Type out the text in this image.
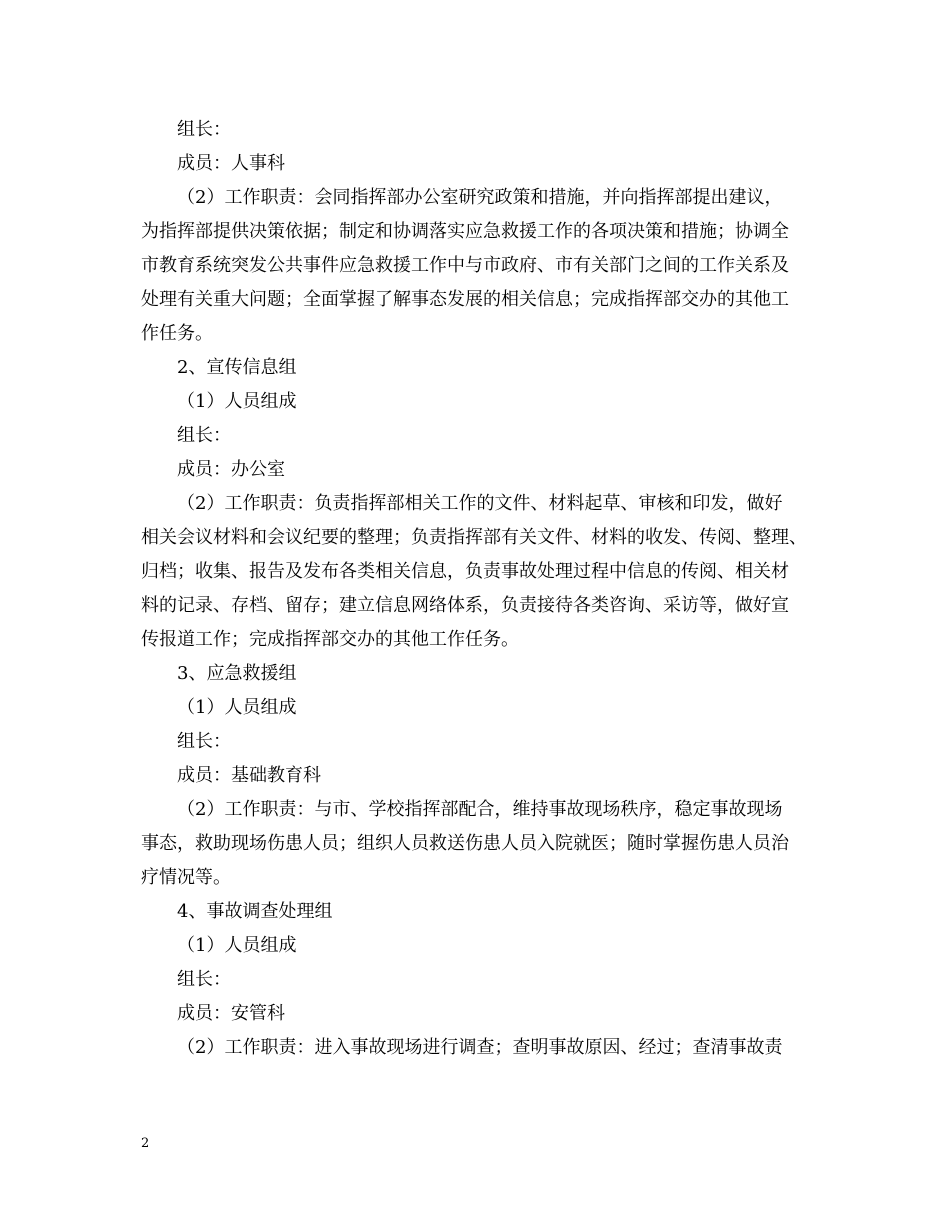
组长：
成员：人事科
（2）工作职责：会同指挥部办公室研究政策和措施，并向指挥部提出建议，
为指挥部提供决策依据；制定和协调落实应急救援工作的各项决策和措施；协调全
市教育系统突发公共事件应急救援工作中与市政府、市有关部门之间的工作关系及
处理有关重大问题；全面掌握了解事态发展的相关信息；完成指挥部交办的其他工
作任务。
2、宣传信息组
（1）人员组成
组长：
成员：办公室
（2）工作职责：负责指挥部相关工作的文件、材料起草、审核和印发，做好
相关会议材料和会议纪要的整理；负责指挥部有关文件、材料的收发、传阅、整理、
归档；收集、报告及发布各类相关信息，负责事故处理过程中信息的传阅、相关材
料的记录、存档、留存；建立信息网络体系，负责接待各类咨询、采访等，做好宣
传报道工作；完成指挥部交办的其他工作任务。
3、应急救援组
（1）人员组成
组长：
成员：基础教育科
（2）工作职责：与市、学校指挥部配合，维持事故现场秩序，稳定事故现场
事态，救助现场伤患人员；组织人员救送伤患人员入院就医；随时掌握伤患人员治
疗情况等。
4、事故调查处理组
（1）人员组成
组长：
成员：安管科
（2）工作职责：进入事故现场进行调查；查明事故原因、经过；查清事故责
2
